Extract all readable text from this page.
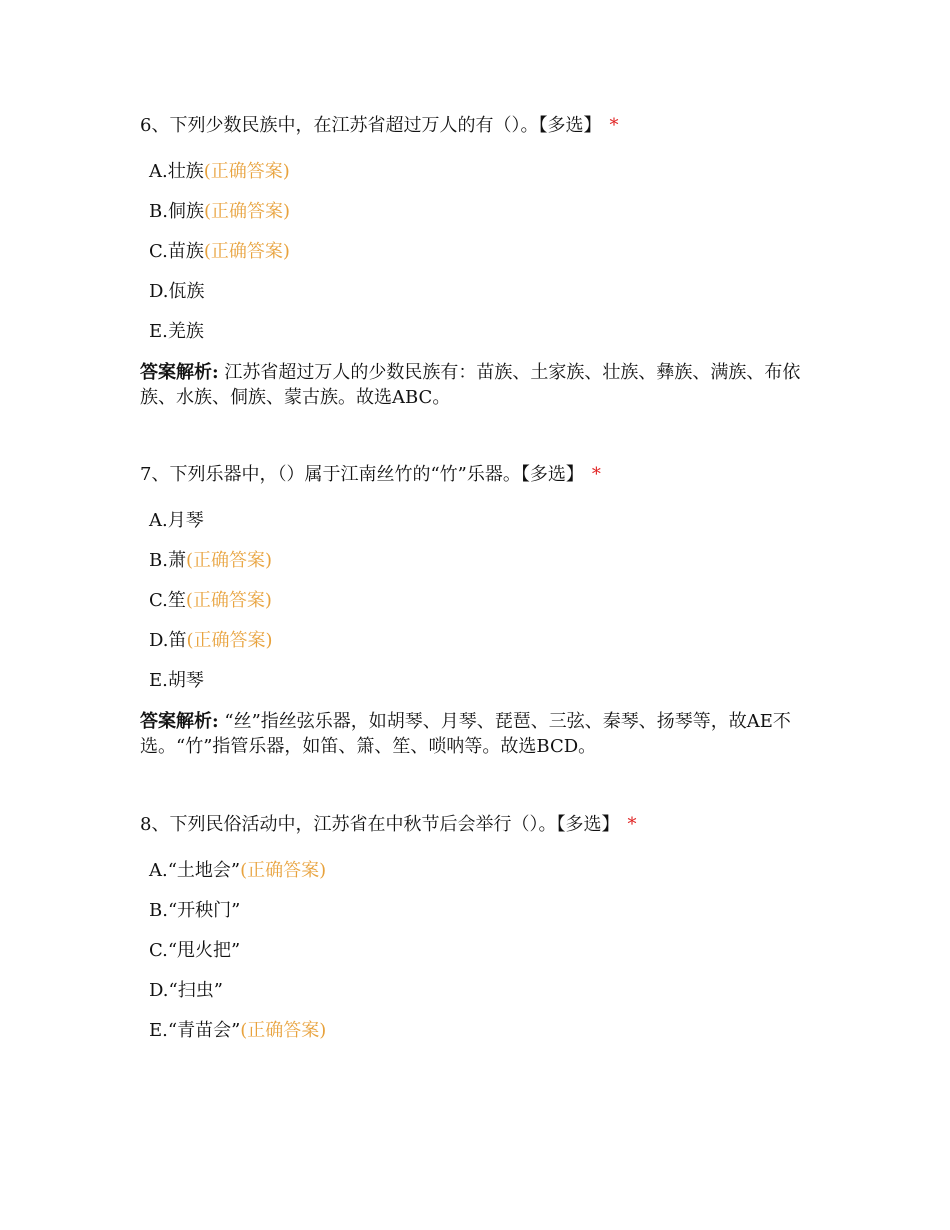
6、下列少数民族中，在江苏省超过万人的有（）。【多选】 *

A.壮族(正确答案)
B.侗族(正确答案)
C.苗族(正确答案)
D.佤族
E.羌族
答案解析: 江苏省超过万人的少数民族有：苗族、土家族、壮族、彝族、满族、布依族、水族、侗族、蒙古族。故选ABC。

7、下列乐器中，（）属于江南丝竹的“竹”乐器。【多选】 *

A.月琴
B.萧(正确答案)
C.笙(正确答案)
D.笛(正确答案)
E.胡琴
答案解析: “丝”指丝弦乐器，如胡琴、月琴、琵琶、三弦、秦琴、扬琴等，故AE不选。“竹”指管乐器，如笛、箫、笙、唢呐等。故选BCD。

8、下列民俗活动中，江苏省在中秋节后会举行（）。【多选】 *

A.“土地会”(正确答案)
B.“开秧门”
C.“甩火把”
D.“扫虫”
E.“青苗会”(正确答案)
